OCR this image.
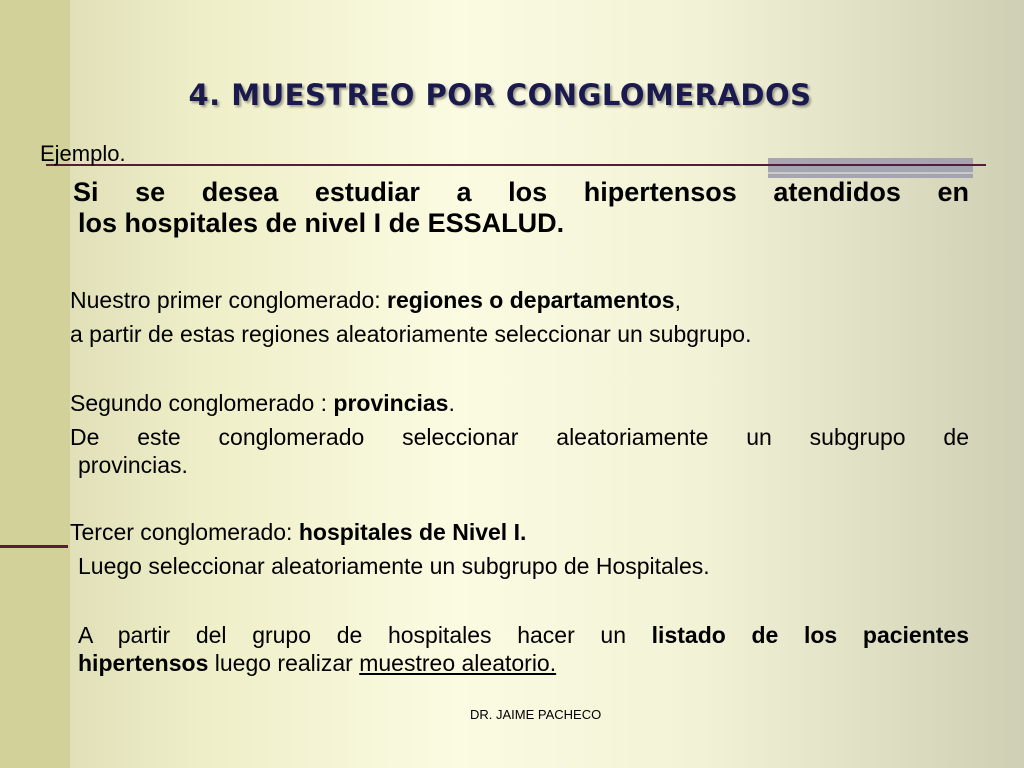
4. MUESTREO POR CONGLOMERADOS
Ejemplo.
Si se desea estudiar a los hipertensos atendidos en
los hospitales de nivel I de ESSALUD.
Nuestro primer conglomerado: regiones o departamentos,
a partir de estas regiones aleatoriamente seleccionar un subgrupo.
Segundo conglomerado : provincias.
De este conglomerado seleccionar aleatoriamente un subgrupo de
provincias.
Tercer conglomerado: hospitales de Nivel I.
Luego seleccionar aleatoriamente un subgrupo de Hospitales.
A partir del grupo de hospitales hacer un listado de los pacientes
hipertensos luego realizar muestreo aleatorio.
DR. JAIME PACHECO
